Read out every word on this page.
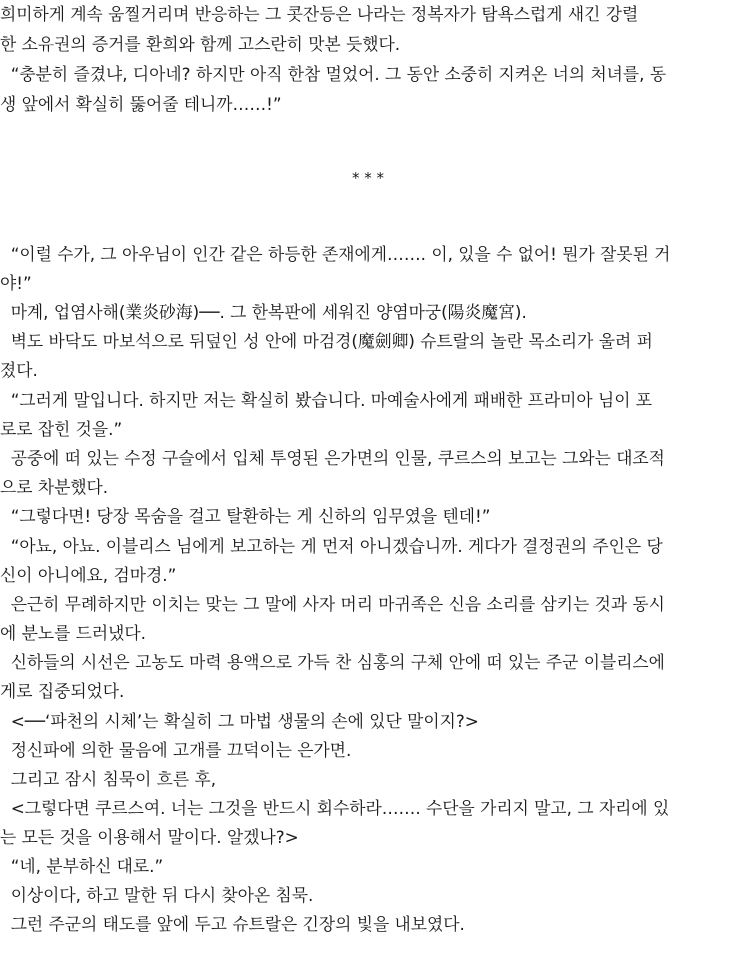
희미하게 계속 움찔거리며 반응하는 그 콧잔등은 나라는 정복자가 탐욕스럽게 새긴 강렬
한 소유권의 증거를 환희와 함께 고스란히 맛본 듯했다.
“충분히 즐겼냐, 디아네? 하지만 아직 한참 멀었어. 그 동안 소중히 지켜온 너의 처녀를, 동
생 앞에서 확실히 뚫어줄 테니까……!”
* * *
“이럴 수가, 그 아우님이 인간 같은 하등한 존재에게……. 이, 있을 수 없어! 뭔가 잘못된 거
야!”
마계, 업염사해(業炎砂海)──. 그 한복판에 세워진 양염마궁(陽炎魔宮).
벽도 바닥도 마보석으로 뒤덮인 성 안에 마검경(魔劍卿) 슈트랄의 놀란 목소리가 울려 퍼
졌다.
“그러게 말입니다. 하지만 저는 확실히 봤습니다. 마예술사에게 패배한 프라미아 님이 포
로로 잡힌 것을.”
공중에 떠 있는 수정 구슬에서 입체 투영된 은가면의 인물, 쿠르스의 보고는 그와는 대조적
으로 차분했다.
“그렇다면! 당장 목숨을 걸고 탈환하는 게 신하의 임무였을 텐데!”
“아뇨, 아뇨. 이블리스 님에게 보고하는 게 먼저 아니겠습니까. 게다가 결정권의 주인은 당
신이 아니에요, 검마경.”
은근히 무례하지만 이치는 맞는 그 말에 사자 머리 마귀족은 신음 소리를 삼키는 것과 동시
에 분노를 드러냈다.
신하들의 시선은 고농도 마력 용액으로 가득 찬 심홍의 구체 안에 떠 있는 주군 이블리스에
게로 집중되었다.
<──‘파천의 시체’는 확실히 그 마법 생물의 손에 있단 말이지?>
정신파에 의한 물음에 고개를 끄덕이는 은가면.
그리고 잠시 침묵이 흐른 후,
<그렇다면 쿠르스여. 너는 그것을 반드시 회수하라……. 수단을 가리지 말고, 그 자리에 있
는 모든 것을 이용해서 말이다. 알겠나?>
“네, 분부하신 대로.”
이상이다, 하고 말한 뒤 다시 찾아온 침묵.
그런 주군의 태도를 앞에 두고 슈트랄은 긴장의 빛을 내보였다.
